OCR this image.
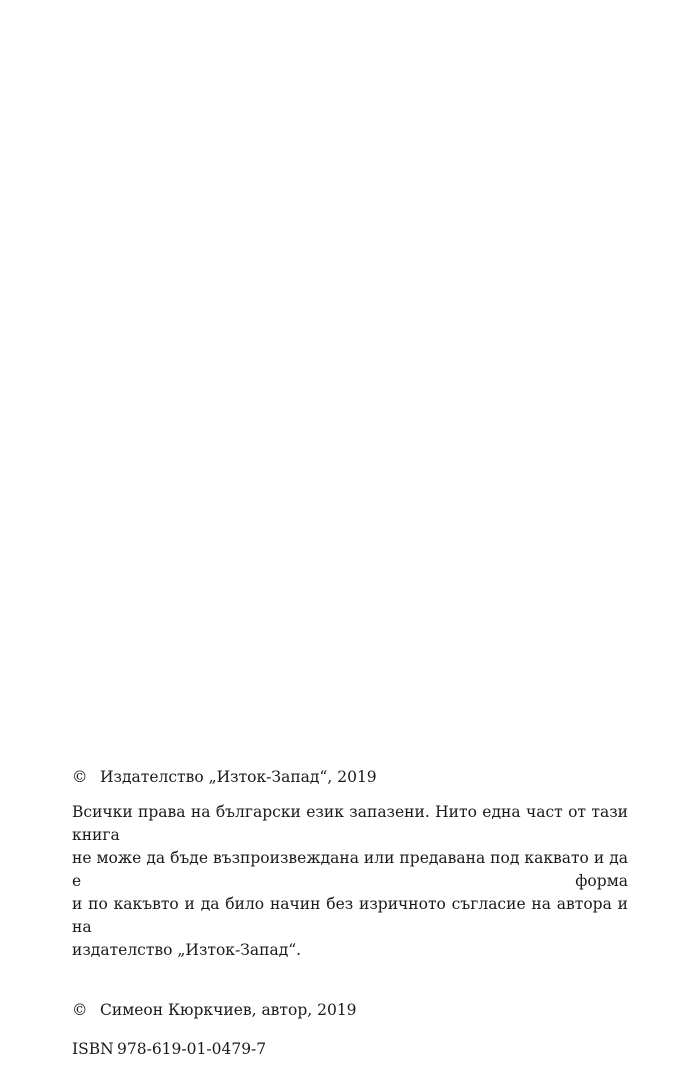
© Издателство „Изток-Запад“, 2019
Всички права на български език запазени. Нито една част от тази книга
не може да бъде възпроизвеждана или предавана под каквато и да е форма
и по какъвто и да било начин без изричното съгласие на автора и на
издателство „Изток-Запад“.
© Симеон Кюркчиев, автор, 2019
ISBN 978-619-01-0479-7
